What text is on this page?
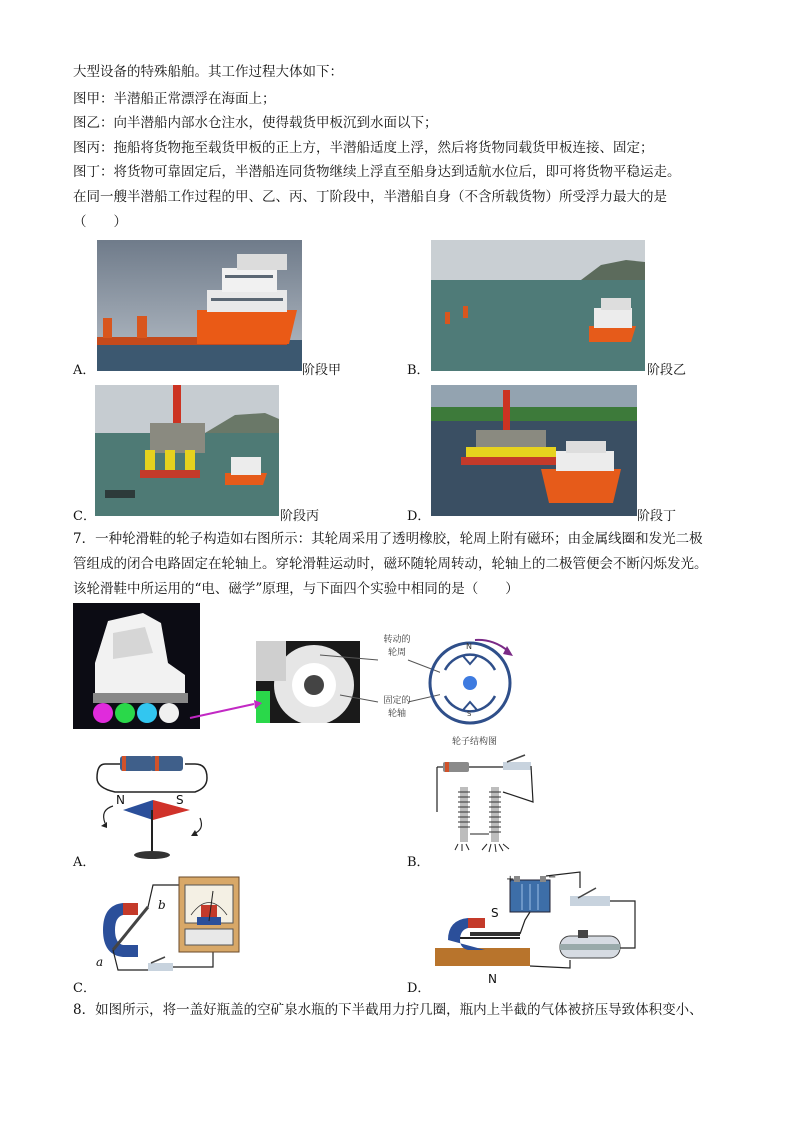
大型设备的特殊船舶。其工作过程大体如下：
图甲：半潜船正常漂浮在海面上；
图乙：向半潜船内部水仓注水，使得载货甲板沉到水面以下；
图丙：拖船将货物拖至载货甲板的正上方，半潜船适度上浮，然后将货物同载货甲板连接、固定；
图丁：将货物可靠固定后，半潜船连同货物继续上浮直至船身达到适航水位后，即可将货物平稳运走。
在同一艘半潜船工作过程的甲、乙、丙、丁阶段中，半潜船自身（不含所载货物）所受浮力最大的是
（　　）
A．	阶段甲	B．	阶段乙
C．	阶段丙	D．	阶段丁
7．一种轮滑鞋的轮子构造如右图所示：其轮周采用了透明橡胶，轮周上附有磁环；由金属线圈和发光二极
管组成的闭合电路固定在轮轴上。穿轮滑鞋运动时，磁环随轮周转动，轮轴上的二极管便会不断闪烁发光。
该轮滑鞋中所运用的“电、磁学”原理，与下面四个实验中相同的是（　　）
转动的
轮周
固定的
轮轴
N
S
轮子结构图
N	S
A．	B．
b
a
C．
S
N
+	−
D．
8．如图所示，将一盖好瓶盖的空矿泉水瓶的下半截用力拧几圈，瓶内上半截的气体被挤压导致体积变小、
